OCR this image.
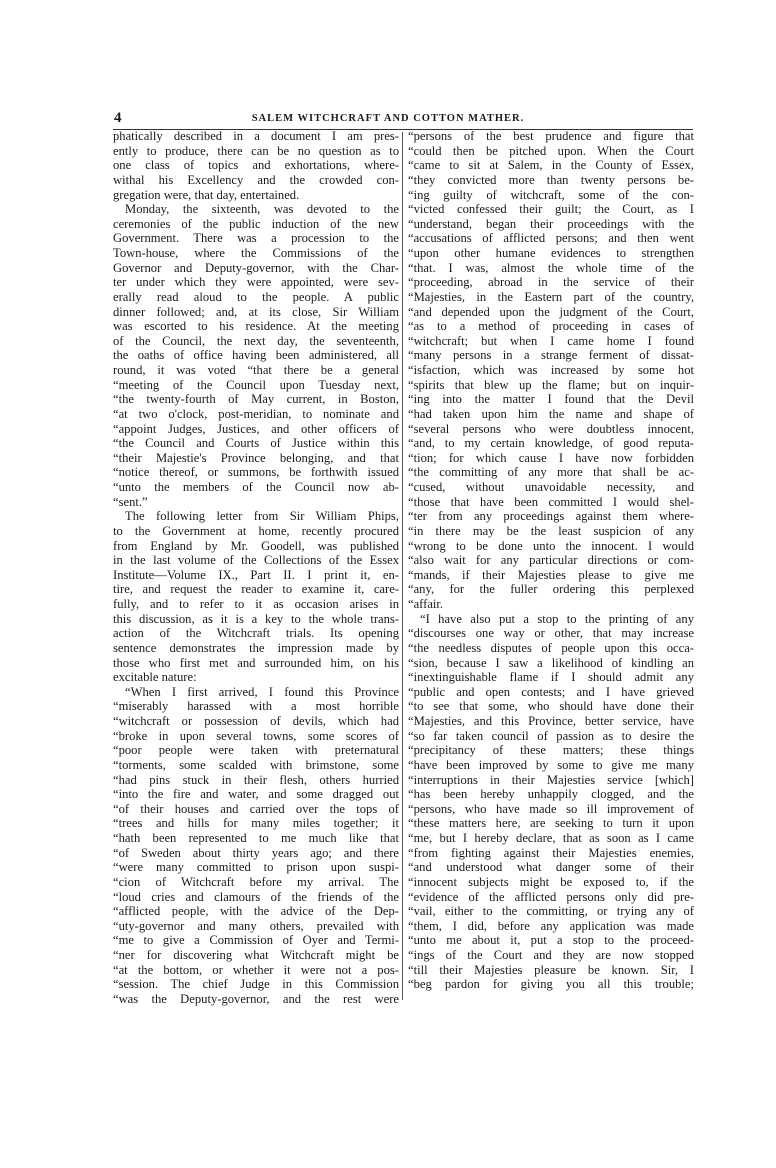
4	SALEM WITCHCRAFT AND COTTON MATHER.
phatically described in a document I am pres-
ently to produce, there can be no question as to
one class of topics and exhortations, where-
withal his Excellency and the crowded con-
gregation were, that day, entertained.
Monday, the sixteenth, was devoted to the
ceremonies of the public induction of the new
Government. There was a procession to the
Town-house, where the Commissions of the
Governor and Deputy-governor, with the Char-
ter under which they were appointed, were sev-
erally read aloud to the people. A public
dinner followed; and, at its close, Sir William
was escorted to his residence. At the meeting
of the Council, the next day, the seventeenth,
the oaths of office having been administered, all
round, it was voted “that there be a general
“meeting of the Council upon Tuesday next,
“the twenty-fourth of May current, in Boston,
“at two o'clock, post-meridian, to nominate and
“appoint Judges, Justices, and other officers of
“the Council and Courts of Justice within this
“their Majestie's Province belonging, and that
“notice thereof, or summons, be forthwith issued
“unto the members of the Council now ab-
“sent.”
The following letter from Sir William Phips,
to the Government at home, recently procured
from England by Mr. Goodell, was published
in the last volume of the Collections of the Essex
Institute—Volume IX., Part II. I print it, en-
tire, and request the reader to examine it, care-
fully, and to refer to it as occasion arises in
this discussion, as it is a key to the whole trans-
action of the Witchcraft trials. Its opening
sentence demonstrates the impression made by
those who first met and surrounded him, on his
excitable nature:
“When I first arrived, I found this Province
“miserably harassed with a most horrible
“witchcraft or possession of devils, which had
“broke in upon several towns, some scores of
“poor people were taken with preternatural
“torments, some scalded with brimstone, some
“had pins stuck in their flesh, others hurried
“into the fire and water, and some dragged out
“of their houses and carried over the tops of
“trees and hills for many miles together; it
“hath been represented to me much like that
“of Sweden about thirty years ago; and there
“were many committed to prison upon suspi-
“cion of Witchcraft before my arrival. The
“loud cries and clamours of the friends of the
“afflicted people, with the advice of the Dep-
“uty-governor and many others, prevailed with
“me to give a Commission of Oyer and Termi-
“ner for discovering what Witchcraft might be
“at the bottom, or whether it were not a pos-
“session. The chief Judge in this Commission
“was the Deputy-governor, and the rest were
“persons of the best prudence and figure that
“could then be pitched upon. When the Court
“came to sit at Salem, in the County of Essex,
“they convicted more than twenty persons be-
“ing guilty of witchcraft, some of the con-
“victed confessed their guilt; the Court, as I
“understand, began their proceedings with the
“accusations of afflicted persons; and then went
“upon other humane evidences to strengthen
“that. I was, almost the whole time of the
“proceeding, abroad in the service of their
“Majesties, in the Eastern part of the country,
“and depended upon the judgment of the Court,
“as to a method of proceeding in cases of
“witchcraft; but when I came home I found
“many persons in a strange ferment of dissat-
“isfaction, which was increased by some hot
“spirits that blew up the flame; but on inquir-
“ing into the matter I found that the Devil
“had taken upon him the name and shape of
“several persons who were doubtless innocent,
“and, to my certain knowledge, of good reputa-
“tion; for which cause I have now forbidden
“the committing of any more that shall be ac-
“cused, without unavoidable necessity, and
“those that have been committed I would shel-
“ter from any proceedings against them where-
“in there may be the least suspicion of any
“wrong to be done unto the innocent. I would
“also wait for any particular directions or com-
“mands, if their Majesties please to give me
“any, for the fuller ordering this perplexed
“affair.
“I have also put a stop to the printing of any
“discourses one way or other, that may increase
“the needless disputes of people upon this occa-
“sion, because I saw a likelihood of kindling an
“inextinguishable flame if I should admit any
“public and open contests; and I have grieved
“to see that some, who should have done their
“Majesties, and this Province, better service, have
“so far taken council of passion as to desire the
“precipitancy of these matters; these things
“have been improved by some to give me many
“interruptions in their Majesties service [which]
“has been hereby unhappily clogged, and the
“persons, who have made so ill improvement of
“these matters here, are seeking to turn it upon
“me, but I hereby declare, that as soon as I came
“from fighting against their Majesties enemies,
“and understood what danger some of their
“innocent subjects might be exposed to, if the
“evidence of the afflicted persons only did pre-
“vail, either to the committing, or trying any of
“them, I did, before any application was made
“unto me about it, put a stop to the proceed-
“ings of the Court and they are now stopped
“till their Majesties pleasure be known. Sir, I
“beg pardon for giving you all this trouble;
